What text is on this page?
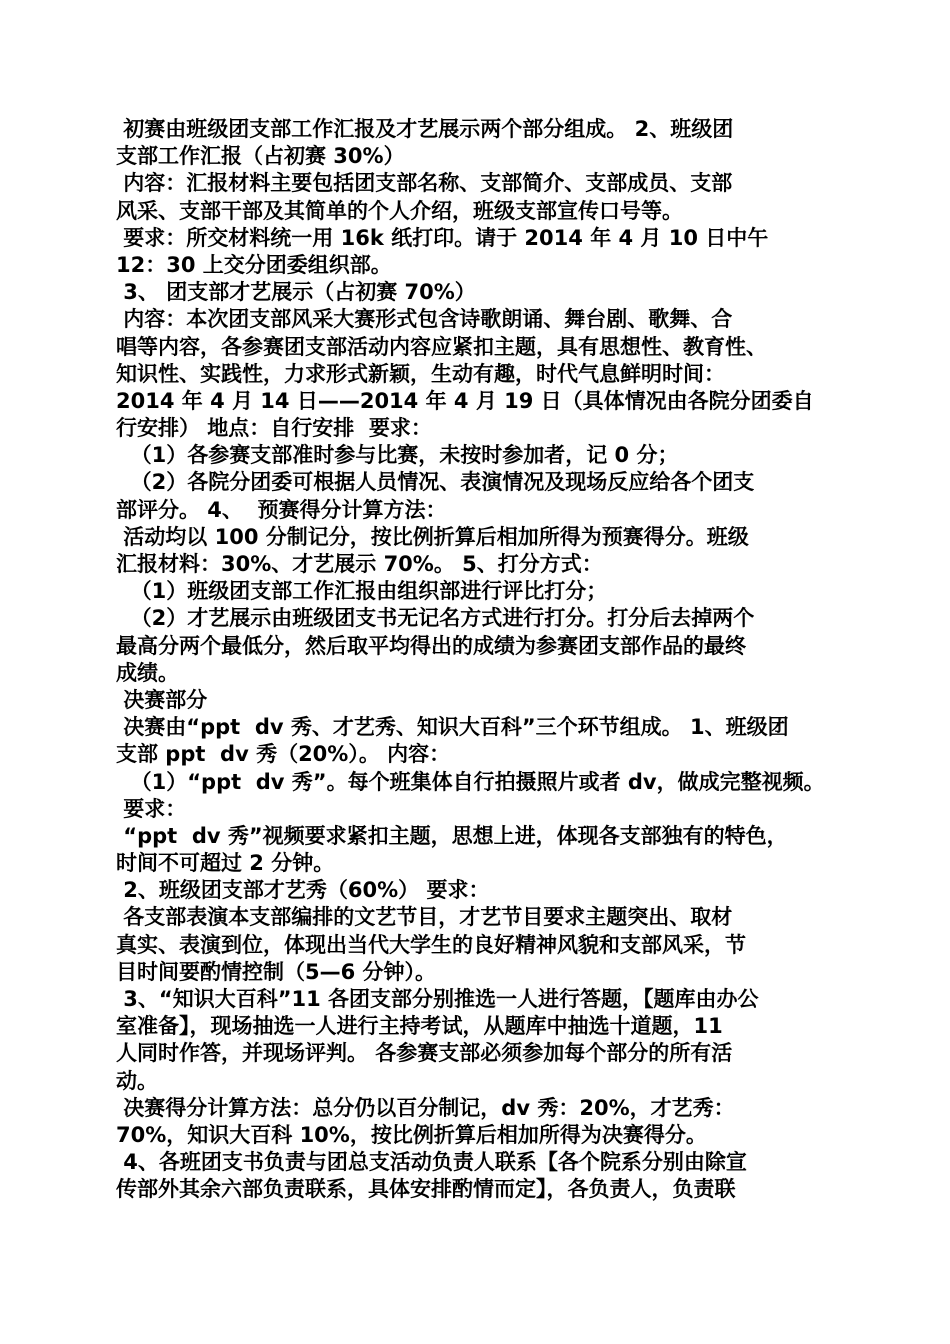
初赛由班级团支部工作汇报及才艺展示两个部分组成。 2、班级团
支部工作汇报（占初赛 30%）
内容：汇报材料主要包括团支部名称、支部简介、支部成员、支部
风采、支部干部及其简单的个人介绍，班级支部宣传口号等。
要求：所交材料统一用 16k 纸打印。请于 2014 年 4 月 10 日中午
12：30 上交分团委组织部。
3、 团支部才艺展示（占初赛 70%）
内容：本次团支部风采大赛形式包含诗歌朗诵、舞台剧、歌舞、合
唱等内容，各参赛团支部活动内容应紧扣主题，具有思想性、教育性、
知识性、实践性，力求形式新颖，生动有趣，时代气息鲜明时间：
2014 年 4 月 14 日——2014 年 4 月 19 日（具体情况由各院分团委自
行安排） 地点：自行安排  要求：
（1）各参赛支部准时参与比赛，未按时参加者，记 0 分；
（2）各院分团委可根据人员情况、表演情况及现场反应给各个团支
部评分。 4、  预赛得分计算方法：
活动均以 100 分制记分，按比例折算后相加所得为预赛得分。班级
汇报材料：30%、才艺展示 70%。 5、打分方式：
（1）班级团支部工作汇报由组织部进行评比打分；
（2）才艺展示由班级团支书无记名方式进行打分。打分后去掉两个
最高分两个最低分，然后取平均得出的成绩为参赛团支部作品的最终
成绩。
决赛部分
决赛由“ppt  dv 秀、才艺秀、知识大百科”三个环节组成。 1、班级团
支部 ppt  dv 秀（20%）。 内容：
（1）“ppt  dv 秀”。每个班集体自行拍摄照片或者 dv，做成完整视频。
要求：
“ppt  dv 秀”视频要求紧扣主题，思想上进，体现各支部独有的特色，
时间不可超过 2 分钟。
2、班级团支部才艺秀（60%） 要求：
各支部表演本支部编排的文艺节目，才艺节目要求主题突出、取材
真实、表演到位，体现出当代大学生的良好精神风貌和支部风采，节
目时间要酌情控制（5—6 分钟）。
3、“知识大百科”11 各团支部分别推选一人进行答题，【题库由办公
室准备】，现场抽选一人进行主持考试，从题库中抽选十道题，11
人同时作答，并现场评判。 各参赛支部必须参加每个部分的所有活
动。
决赛得分计算方法：总分仍以百分制记，dv 秀：20%，才艺秀：
70%，知识大百科 10%，按比例折算后相加所得为决赛得分。
4、各班团支书负责与团总支活动负责人联系【各个院系分别由除宣
传部外其余六部负责联系，具体安排酌情而定】，各负责人，负责联
